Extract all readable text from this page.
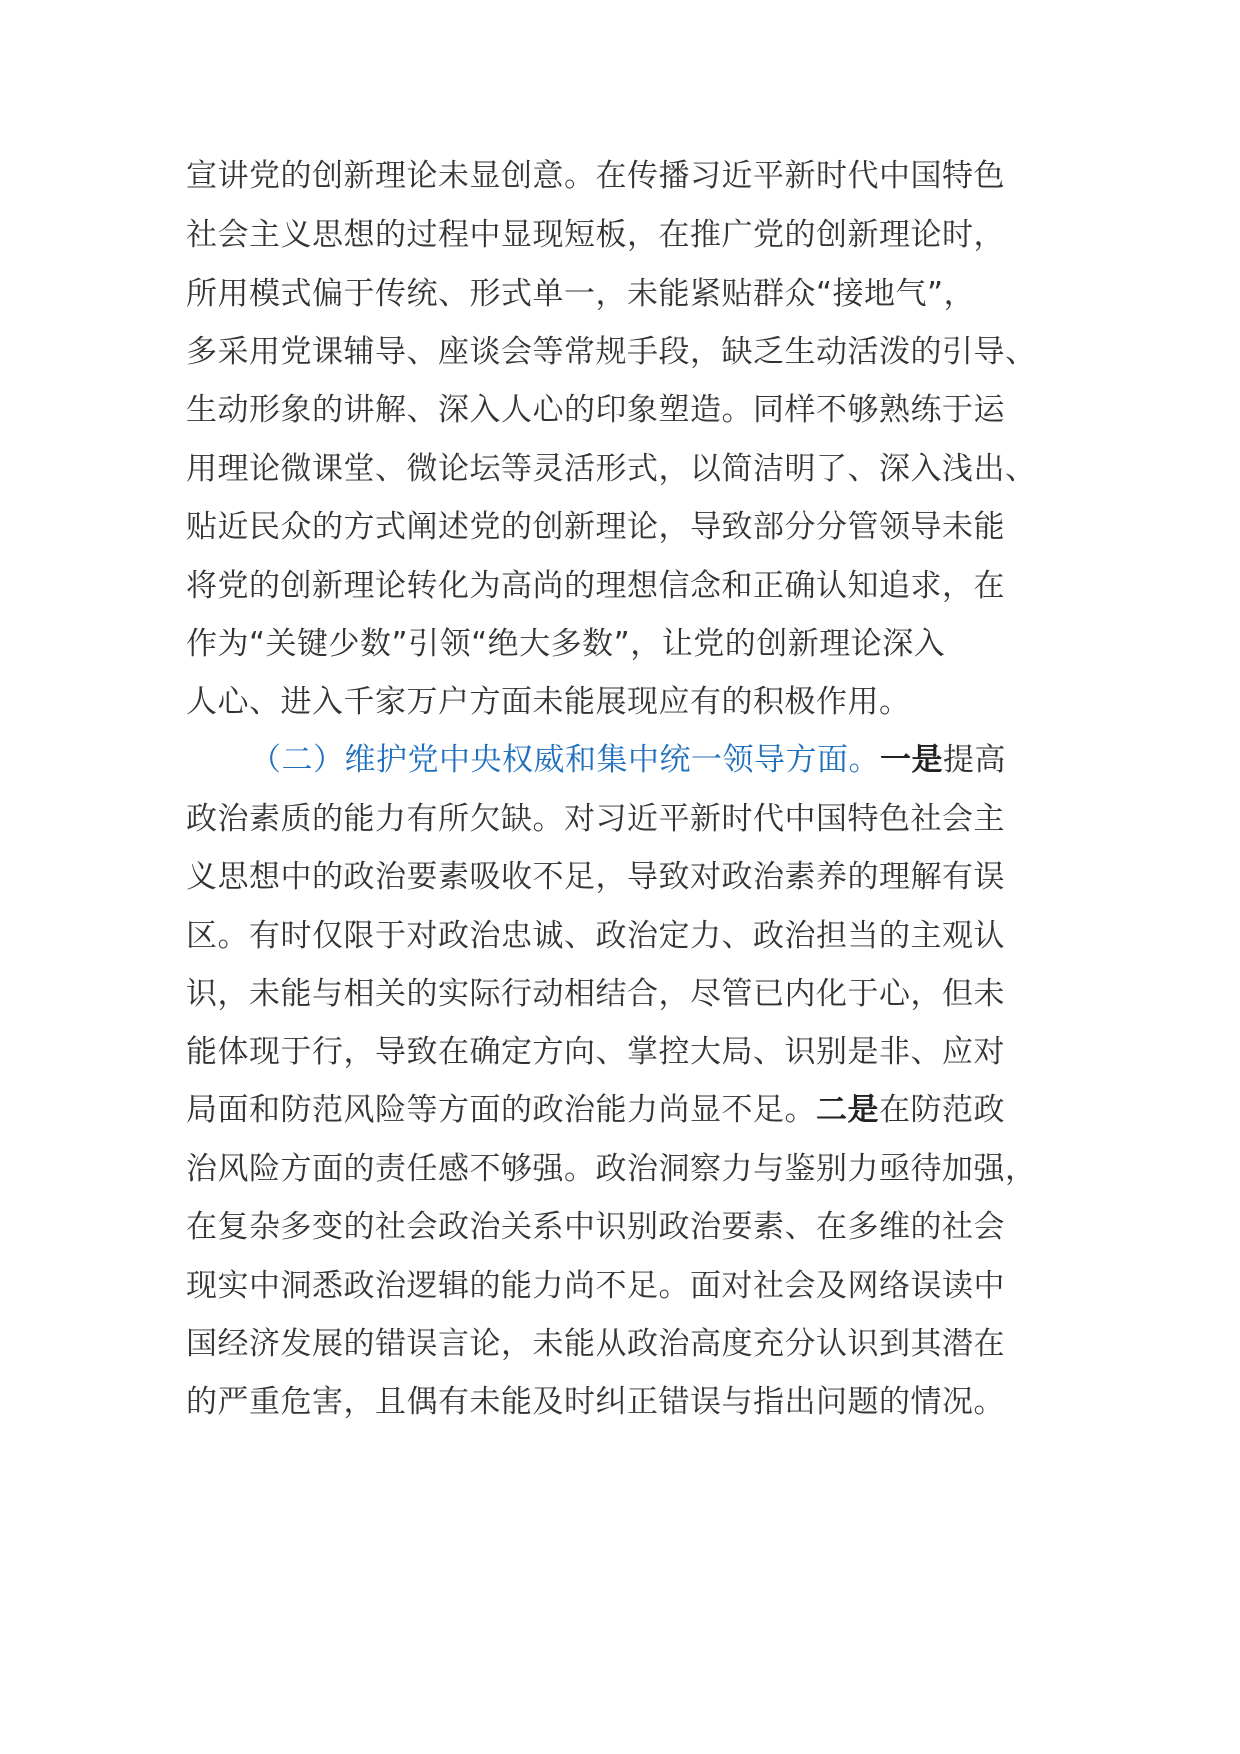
宣讲党的创新理论未显创意。在传播习近平新时代中国特色
社会主义思想的过程中显现短板，在推广党的创新理论时，
所用模式偏于传统、形式单一，未能紧贴群众“接地气”，
多采用党课辅导、座谈会等常规手段，缺乏生动活泼的引导、
生动形象的讲解、深入人心的印象塑造。同样不够熟练于运
用理论微课堂、微论坛等灵活形式，以简洁明了、深入浅出、
贴近民众的方式阐述党的创新理论，导致部分分管领导未能
将党的创新理论转化为高尚的理想信念和正确认知追求，在
作为“关键少数”引领“绝大多数”，让党的创新理论深入
人心、进入千家万户方面未能展现应有的积极作用。
（二）维护党中央权威和集中统一领导方面。一是提高
政治素质的能力有所欠缺。对习近平新时代中国特色社会主
义思想中的政治要素吸收不足，导致对政治素养的理解有误
区。有时仅限于对政治忠诚、政治定力、政治担当的主观认
识，未能与相关的实际行动相结合，尽管已内化于心，但未
能体现于行，导致在确定方向、掌控大局、识别是非、应对
局面和防范风险等方面的政治能力尚显不足。二是在防范政
治风险方面的责任感不够强。政治洞察力与鉴别力亟待加强，
在复杂多变的社会政治关系中识别政治要素、在多维的社会
现实中洞悉政治逻辑的能力尚不足。面对社会及网络误读中
国经济发展的错误言论，未能从政治高度充分认识到其潜在
的严重危害，且偶有未能及时纠正错误与指出问题的情况。
